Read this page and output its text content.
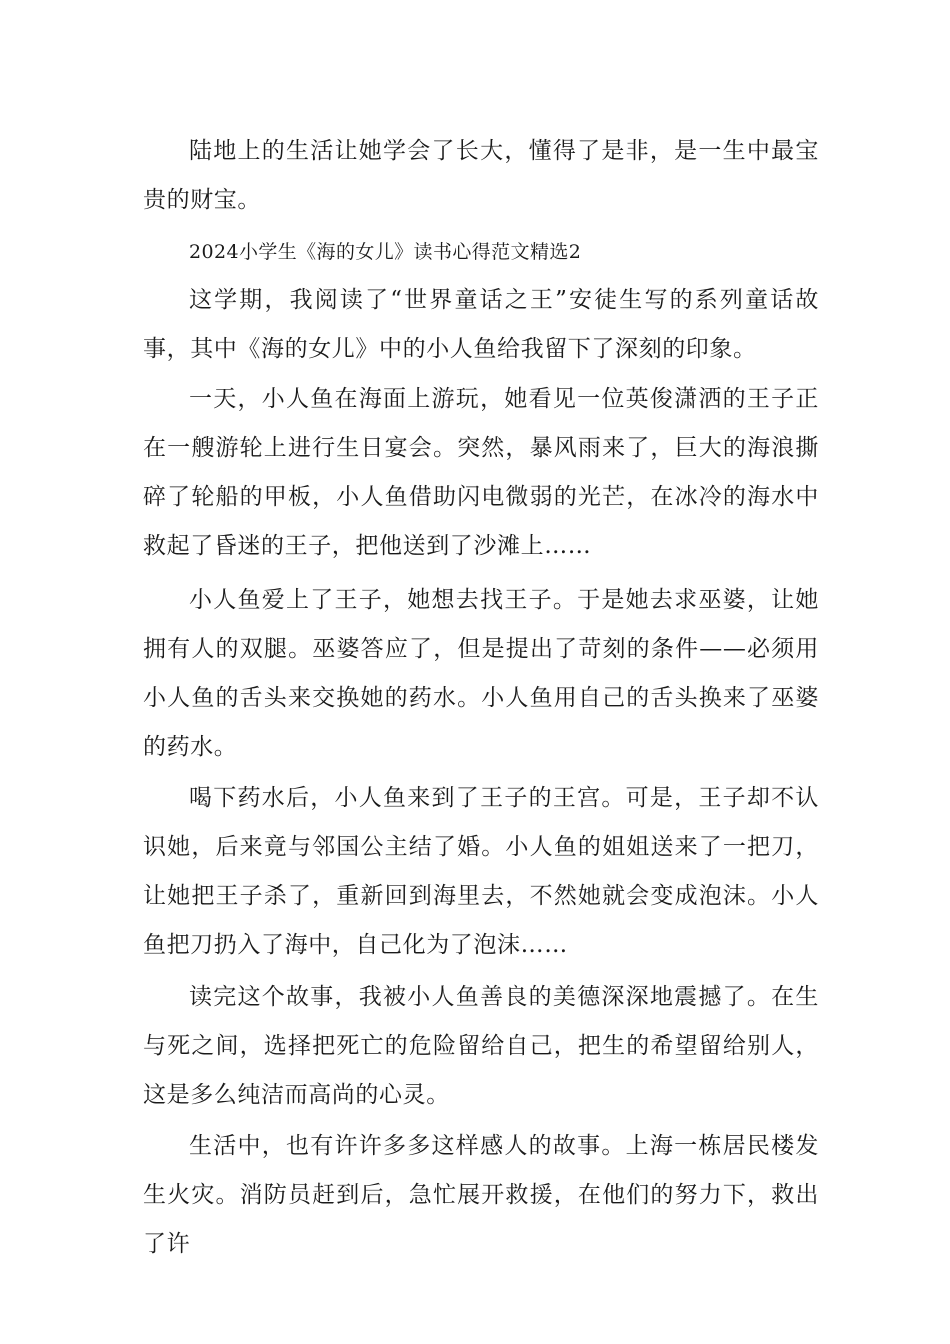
陆地上的生活让她学会了长大，懂得了是非，是一生中最宝贵的财宝。

2024小学生《海的女儿》读书心得范文精选2

这学期，我阅读了“世界童话之王”安徒生写的系列童话故事，其中《海的女儿》中的小人鱼给我留下了深刻的印象。

一天，小人鱼在海面上游玩，她看见一位英俊潇洒的王子正在一艘游轮上进行生日宴会。突然，暴风雨来了，巨大的海浪撕碎了轮船的甲板，小人鱼借助闪电微弱的光芒，在冰冷的海水中救起了昏迷的王子，把他送到了沙滩上……

小人鱼爱上了王子，她想去找王子。于是她去求巫婆，让她拥有人的双腿。巫婆答应了，但是提出了苛刻的条件——必须用小人鱼的舌头来交换她的药水。小人鱼用自己的舌头换来了巫婆的药水。

喝下药水后，小人鱼来到了王子的王宫。可是，王子却不认识她，后来竟与邻国公主结了婚。小人鱼的姐姐送来了一把刀，让她把王子杀了，重新回到海里去，不然她就会变成泡沫。小人鱼把刀扔入了海中，自己化为了泡沫……

读完这个故事，我被小人鱼善良的美德深深地震撼了。在生与死之间，选择把死亡的危险留给自己，把生的希望留给别人，这是多么纯洁而高尚的心灵。

生活中，也有许许多多这样感人的故事。上海一栋居民楼发生火灾。消防员赶到后，急忙展开救援，在他们的努力下，救出了许
